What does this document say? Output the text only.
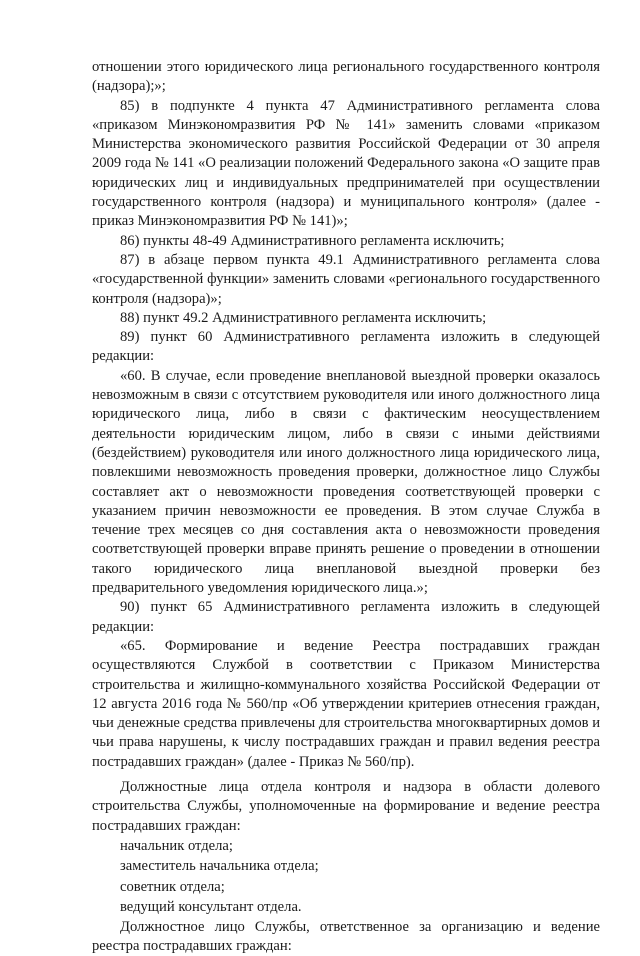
отношении этого юридического лица регионального государственного контроля (надзора);»;

85) в подпункте 4 пункта 47 Административного регламента слова «приказом Минэкономразвития РФ № 141» заменить словами «приказом Министерства экономического развития Российской Федерации от 30 апреля 2009 года № 141 «О реализации положений Федерального закона «О защите прав юридических лиц и индивидуальных предпринимателей при осуществлении государственного контроля (надзора) и муниципального контроля» (далее - приказ Минэкономразвития РФ № 141)»;

86) пункты 48-49 Административного регламента исключить;

87) в абзаце первом пункта 49.1 Административного регламента слова «государственной функции» заменить словами «регионального государственного контроля (надзора)»;

88) пункт 49.2 Административного регламента исключить;

89) пункт 60 Административного регламента изложить в следующей редакции:

«60. В случае, если проведение внеплановой выездной проверки оказалось невозможным в связи с отсутствием руководителя или иного должностного лица юридического лица, либо в связи с фактическим неосуществлением деятельности юридическим лицом, либо в связи с иными действиями (бездействием) руководителя или иного должностного лица юридического лица, повлекшими невозможность проведения проверки, должностное лицо Службы составляет акт о невозможности проведения соответствующей проверки с указанием причин невозможности ее проведения. В этом случае Служба в течение трех месяцев со дня составления акта о невозможности проведения соответствующей проверки вправе принять решение о проведении в отношении такого юридического лица внеплановой выездной проверки без предварительного уведомления юридического лица.»;

90) пункт 65 Административного регламента изложить в следующей редакции:

«65. Формирование и ведение Реестра пострадавших граждан осуществляются Службой в соответствии с Приказом Министерства строительства и жилищно-коммунального хозяйства Российской Федерации от 12 августа 2016 года № 560/пр «Об утверждении критериев отнесения граждан, чьи денежные средства привлечены для строительства многоквартирных домов и чьи права нарушены, к числу пострадавших граждан и правил ведения реестра пострадавших граждан» (далее - Приказ № 560/пр).

Должностные лица отдела контроля и надзора в области долевого строительства Службы, уполномоченные на формирование и ведение реестра пострадавших граждан:

начальник отдела;

заместитель начальника отдела;

советник отдела;

ведущий консультант отдела.

Должностное лицо Службы, ответственное за организацию и ведение реестра пострадавших граждан:
